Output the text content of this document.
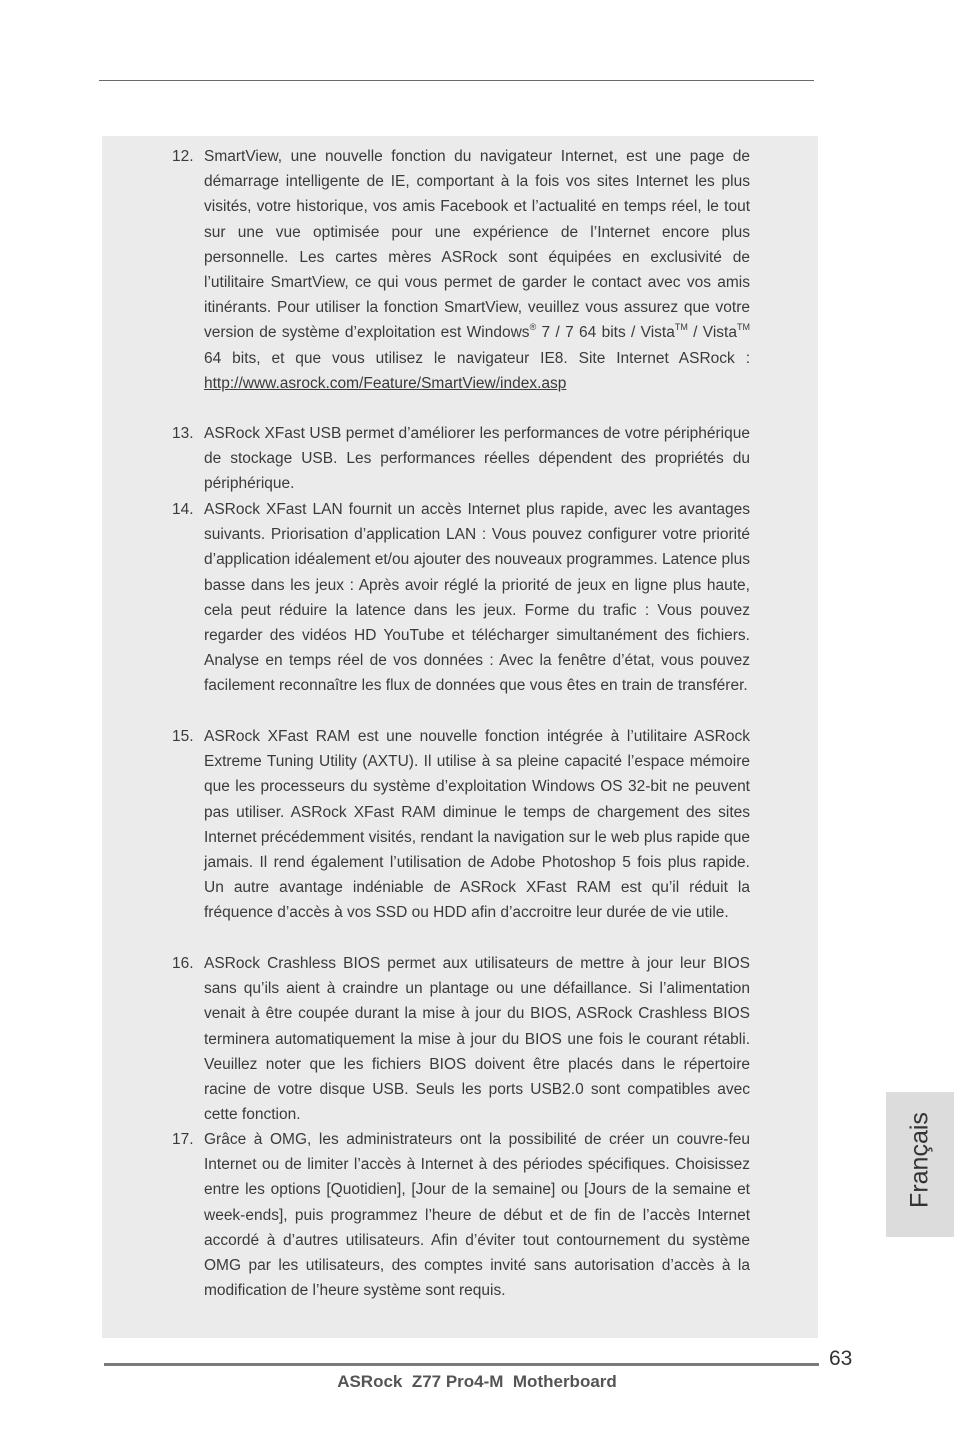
12. SmartView, une nouvelle fonction du navigateur Internet, est une page de démarrage intelligente de IE, comportant à la fois vos sites Internet les plus visités, votre historique, vos amis Facebook et l’actualité en temps réel, le tout sur une vue optimisée pour une expérience de l’Internet encore plus personnelle. Les cartes mères ASRock sont équipées en exclusivité de l’utilitaire SmartView, ce qui vous permet de garder le contact avec vos amis itinérants. Pour utiliser la fonction SmartView, veuillez vous assurez que votre version de système d’exploitation est Windows® 7 / 7 64 bits / Vista™ / Vista™ 64 bits, et que vous utilisez le navigateur IE8. Site Internet ASRock : http://www.asrock.com/Feature/SmartView/index.asp

13. ASRock XFast USB permet d’améliorer les performances de votre périphérique de stockage USB. Les performances réelles dépendent des propriétés du périphérique.

14. ASRock XFast LAN fournit un accès Internet plus rapide, avec les avantages suivants. Priorisation d’application LAN : Vous pouvez configurer votre priorité d’application idéalement et/ou ajouter des nouveaux programmes. Latence plus basse dans les jeux : Après avoir réglé la priorité de jeux en ligne plus haute, cela peut réduire la latence dans les jeux. Forme du trafic : Vous pouvez regarder des vidéos HD YouTube et télécharger simultanément des fichiers. Analyse en temps réel de vos données : Avec la fenêtre d’état, vous pouvez facilement reconnaître les flux de données que vous êtes en train de transférer.

15. ASRock XFast RAM est une nouvelle fonction intégrée à l’utilitaire ASRock Extreme Tuning Utility (AXTU). Il utilise à sa pleine capacité l’espace mémoire que les processeurs du système d’exploitation Windows OS 32-bit ne peuvent pas utiliser. ASRock XFast RAM diminue le temps de chargement des sites Internet précédemment visités, rendant la navigation sur le web plus rapide que jamais. Il rend également l’utilisation de Adobe Photoshop 5 fois plus rapide. Un autre avantage indéniable de ASRock XFast RAM est qu’il réduit la fréquence d’accès à vos SSD ou HDD afin d’accroitre leur durée de vie utile.

16. ASRock Crashless BIOS permet aux utilisateurs de mettre à jour leur BIOS sans qu’ils aient à craindre un plantage ou une défaillance. Si l’alimentation venait à être coupée durant la mise à jour du BIOS, ASRock Crashless BIOS terminera automatiquement la mise à jour du BIOS une fois le courant rétabli. Veuillez noter que les fichiers BIOS doivent être placés dans le répertoire racine de votre disque USB. Seuls les ports USB2.0 sont compatibles avec cette fonction.

17. Grâce à OMG, les administrateurs ont la possibilité de créer un couvre-feu Internet ou de limiter l’accès à Internet à des périodes spécifiques. Choisissez entre les options [Quotidien], [Jour de la semaine] ou [Jours de la semaine et week-ends], puis programmez l’heure de début et de fin de l’accès Internet accordé à d’autres utilisateurs. Afin d’éviter tout contournement du système OMG par les utilisateurs, des comptes invité sans autorisation d’accès à la modification de l’heure système sont requis.

Français
63
ASRock  Z77 Pro4-M  Motherboard
